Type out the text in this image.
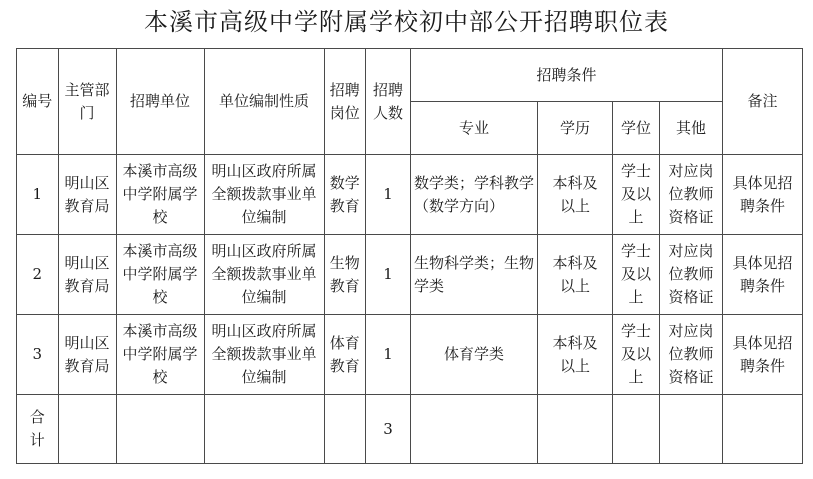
本溪市高级中学附属学校初中部公开招聘职位表
编号	主管部门	招聘单位	单位编制性质	招聘岗位	招聘人数	招聘条件				备注
						专业	学历	学位	其他	
1	明山区教育局	本溪市高级中学附属学校	明山区政府所属全额拨款事业单位编制	数学教育	1	数学类；学科教学（数学方向）	本科及以上	学士及以上	对应岗位教师资格证	具体见招聘条件
2	明山区教育局	本溪市高级中学附属学校	明山区政府所属全额拨款事业单位编制	生物教育	1	生物科学类；生物学类	本科及以上	学士及以上	对应岗位教师资格证	具体见招聘条件
3	明山区教育局	本溪市高级中学附属学校	明山区政府所属全额拨款事业单位编制	体育教育	1	体育学类	本科及以上	学士及以上	对应岗位教师资格证	具体见招聘条件
合计					3					
